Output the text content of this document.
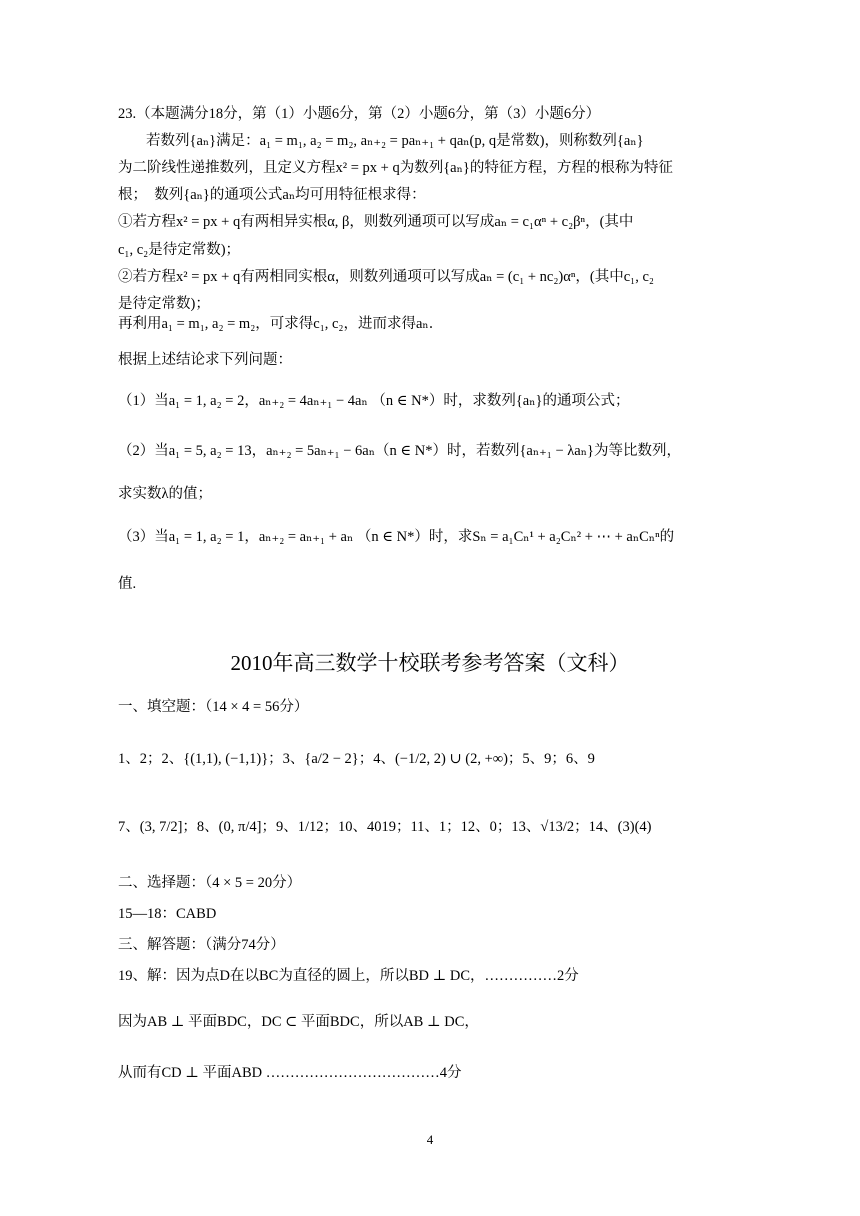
23.（本题满分18分，第（1）小题6分，第（2）小题6分，第（3）小题6分）
若数列{aₙ}满足：a₁ = m₁, a₂ = m₂, aₙ₊₂ = paₙ₊₁ + qaₙ(p, q是常数)，则称数列{aₙ}
为二阶线性递推数列，且定义方程x² = px + q为数列{aₙ}的特征方程，方程的根称为特征
根；　数列{aₙ}的通项公式aₙ均可用特征根求得：
①若方程x² = px + q有两相异实根α, β，则数列通项可以写成aₙ = c₁αⁿ + c₂βⁿ，(其中
c₁, c₂是待定常数)；
②若方程x² = px + q有两相同实根α，则数列通项可以写成aₙ = (c₁ + nc₂)αⁿ，(其中c₁, c₂
是待定常数)；
再利用a₁ = m₁, a₂ = m₂，可求得c₁, c₂，进而求得aₙ．
根据上述结论求下列问题：
（1）当a₁ = 1, a₂ = 2，aₙ₊₂ = 4aₙ₊₁ − 4aₙ （n ∈ N*）时，求数列{aₙ}的通项公式；
（2）当a₁ = 5, a₂ = 13，aₙ₊₂ = 5aₙ₊₁ − 6aₙ（n ∈ N*）时，若数列{aₙ₊₁ − λaₙ}为等比数列，
求实数λ的值；
（3）当a₁ = 1, a₂ = 1，aₙ₊₂ = aₙ₊₁ + aₙ （n ∈ N*）时，求Sₙ = a₁Cₙ¹ + a₂Cₙ² + ⋯ + aₙCₙⁿ的
值.
2010年高三数学十校联考参考答案（文科）
一、填空题：（14 × 4 = 56分）
1、2；2、{(1,1), (−1,1)}；3、{a/2 − 2}；4、(−1/2, 2) ∪ (2, +∞)；5、9；6、9
7、(3, 7/2]；8、(0, π/4]；9、1/12；10、4019；11、1；12、0；13、√13/2；14、(3)(4)
二、选择题：（4 × 5 = 20分）
15—18：CABD
三、解答题：（满分74分）
19、解：因为点D在以BC为直径的圆上，所以BD ⊥ DC，……………2分
因为AB ⊥ 平面BDC，DC ⊂ 平面BDC，所以AB ⊥ DC，
从而有CD ⊥ 平面ABD ………………………………4分
4
